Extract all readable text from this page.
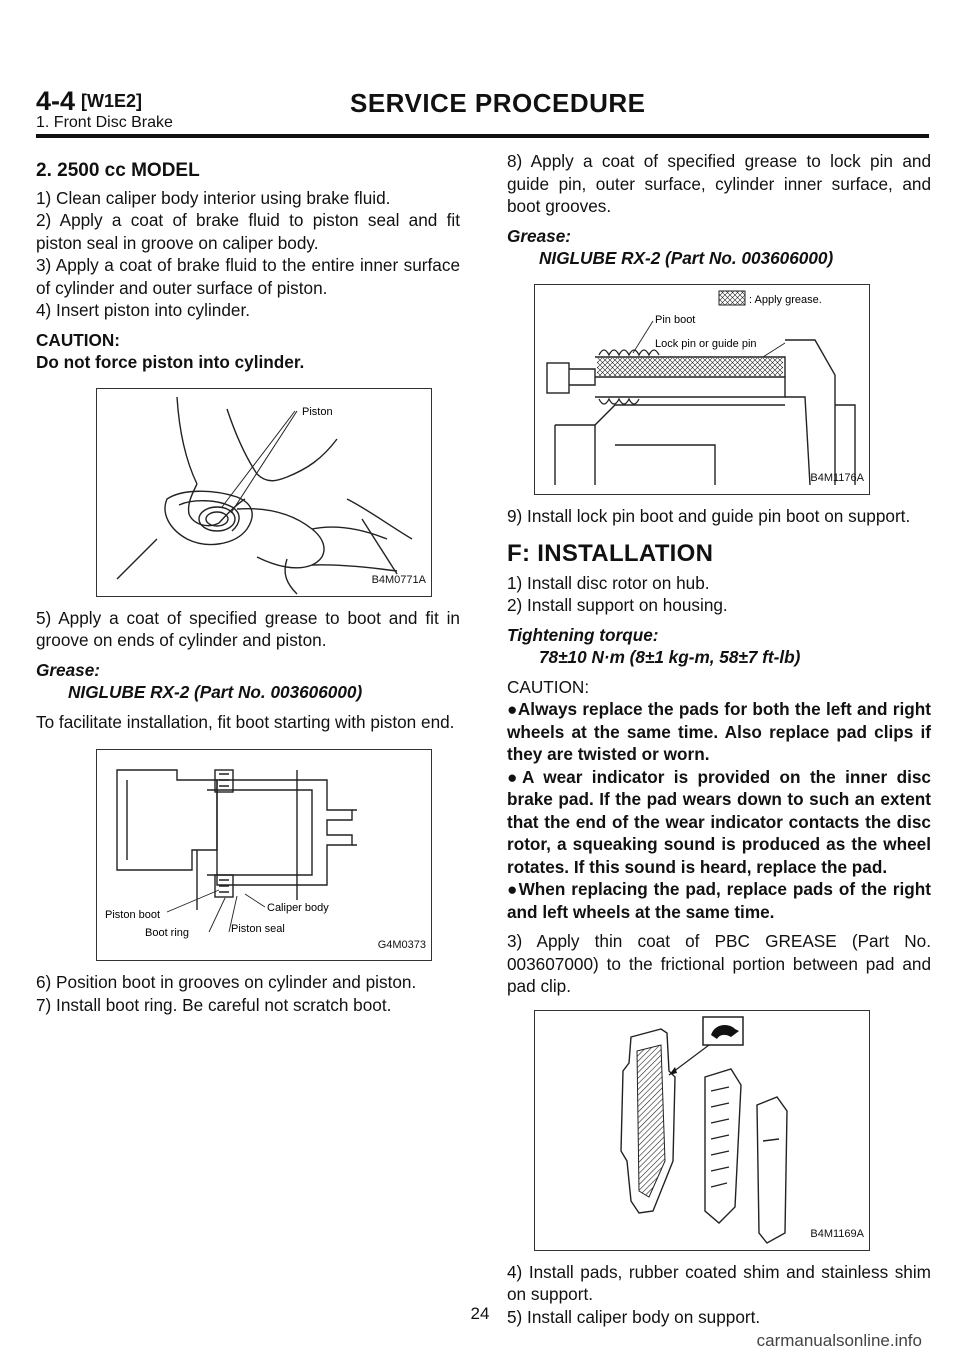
4-4 [W1E2]	SERVICE PROCEDURE
1. Front Disc Brake
2. 2500 cc MODEL

1) Clean caliper body interior using brake fluid.

2) Apply a coat of brake fluid to piston seal and fit piston seal in groove on caliper body.

3) Apply a coat of brake fluid to the entire inner surface of cylinder and outer surface of piston.

4) Insert piston into cylinder.

CAUTION:

Do not force piston into cylinder.

Piston
B4M0771A

5) Apply a coat of specified grease to boot and fit in groove on ends of cylinder and piston.

Grease:

NIGLUBE RX-2 (Part No. 003606000)

To facilitate installation, fit boot starting with piston end.

Piston boot
Boot ring	Piston seal
Caliper body
G4M0373

6) Position boot in grooves on cylinder and piston.

7) Install boot ring. Be careful not scratch boot.

8) Apply a coat of specified grease to lock pin and guide pin, outer surface, cylinder inner surface, and boot grooves.

Grease:

NIGLUBE RX-2 (Part No. 003606000)

: Apply grease.
Pin boot
Lock pin or guide pin
B4M1176A

9) Install lock pin boot and guide pin boot on support.

F: INSTALLATION

1) Install disc rotor on hub.

2) Install support on housing.

Tightening torque:

78±10 N·m (8±1 kg-m, 58±7 ft-lb)

CAUTION:

●Always replace the pads for both the left and right wheels at the same time. Also replace pad clips if they are twisted or worn.

●A wear indicator is provided on the inner disc brake pad. If the pad wears down to such an extent that the end of the wear indicator contacts the disc rotor, a squeaking sound is produced as the wheel rotates. If this sound is heard, replace the pad.

●When replacing the pad, replace pads of the right and left wheels at the same time.

3) Apply thin coat of PBC GREASE (Part No. 003607000) to the frictional portion between pad and pad clip.

B4M1169A

4) Install pads, rubber coated shim and stainless shim on support.

5) Install caliper body on support.

24
carmanualsonline.info
